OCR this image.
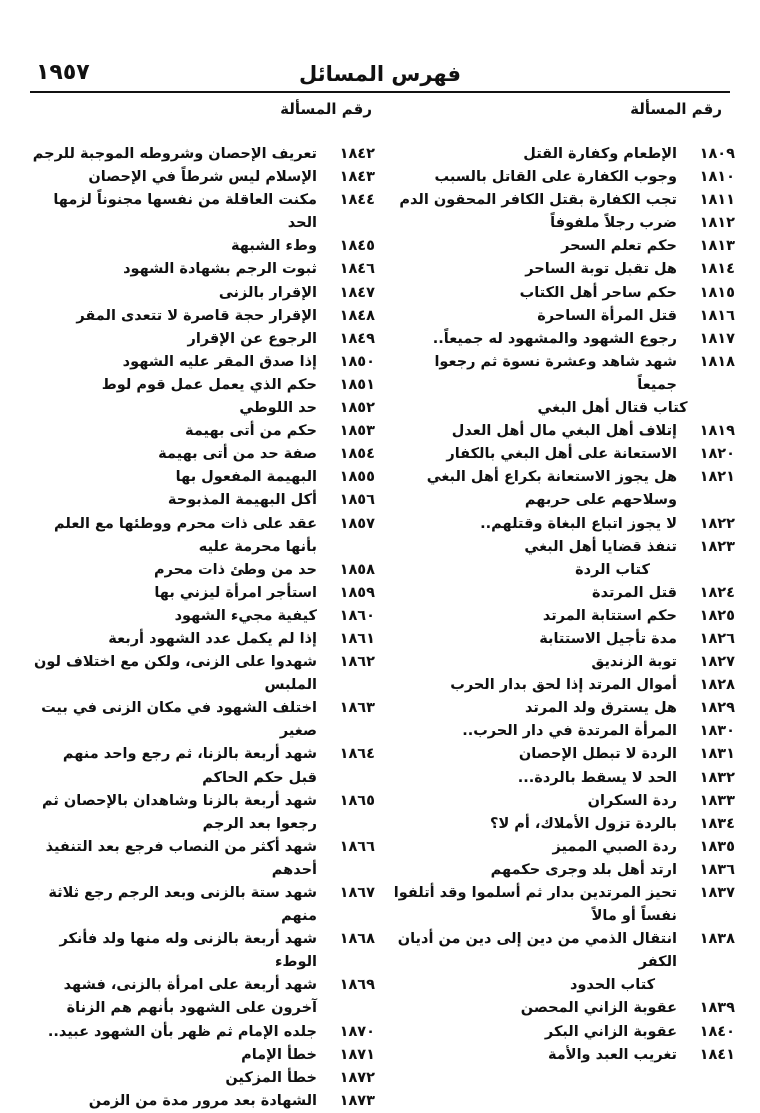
فهرس المسائل
١٩٥٧
رقم المسألة
رقم المسألة
١٨٠٩
الإطعام وكفارة القتل
١٨١٠
وجوب الكفارة على القاتل بالسبب
١٨١١
تجب الكفارة بقتل الكافر المحقون الدم
١٨١٢
ضرب رجلاً ملفوفاً
١٨١٣
حكم تعلم السحر
١٨١٤
هل تقبل توبة الساحر
١٨١٥
حكم ساحر أهل الكتاب
١٨١٦
قتل المرأة الساحرة
١٨١٧
رجوع الشهود والمشهود له جميعاً..
١٨١٨
شهد شاهد وعشرة نسوة ثم رجعوا جميعاً
كتاب قتال أهل البغي
١٨١٩
إتلاف أهل البغي مال أهل العدل
١٨٢٠
الاستعانة على أهل البغي بالكفار
١٨٢١
هل يجوز الاستعانة بكراع أهل البغي وسلاحهم على حربهم
١٨٢٢
لا يجوز اتباع البغاة وقتلهم..
١٨٢٣
تنفذ قضايا أهل البغي
كتاب الردة
١٨٢٤
قتل المرتدة
١٨٢٥
حكم استتابة المرتد
١٨٢٦
مدة تأجيل الاستتابة
١٨٢٧
توبة الزنديق
١٨٢٨
أموال المرتد إذا لحق بدار الحرب
١٨٢٩
هل يسترق ولد المرتد
١٨٣٠
المرأة المرتدة في دار الحرب..
١٨٣١
الردة لا تبطل الإحصان
١٨٣٢
الحد لا يسقط بالردة...
١٨٣٣
ردة السكران
١٨٣٤
بالردة تزول الأملاك، أم لا؟
١٨٣٥
ردة الصبي المميز
١٨٣٦
ارتد أهل بلد وجرى حكمهم
١٨٣٧
تحيز المرتدين بدار ثم أسلموا وقد أتلفوا نفساً أو مالاً
١٨٣٨
انتقال الذمي من دين إلى دين من أديان الكفر
كتاب الحدود
١٨٣٩
عقوبة الزاني المحصن
١٨٤٠
عقوبة الزاني البكر
١٨٤١
تغريب العبد والأمة
١٨٤٢
تعريف الإحصان وشروطه الموجبة للرجم
١٨٤٣
الإسلام ليس شرطاً في الإحصان
١٨٤٤
مكنت العاقلة من نفسها مجنوناً لزمها الحد
١٨٤٥
وطء الشبهة
١٨٤٦
ثبوت الرجم بشهادة الشهود
١٨٤٧
الإقرار بالزنى
١٨٤٨
الإقرار حجة قاصرة لا تتعدى المقر
١٨٤٩
الرجوع عن الإقرار
١٨٥٠
إذا صدق المقر عليه الشهود
١٨٥١
حكم الذي يعمل عمل قوم لوط
١٨٥٢
حد اللوطي
١٨٥٣
حكم من أتى بهيمة
١٨٥٤
صفة حد من أتى بهيمة
١٨٥٥
البهيمة المفعول بها
١٨٥٦
أكل البهيمة المذبوحة
١٨٥٧
عقد على ذات محرم ووطئها مع العلم بأنها محرمة عليه
١٨٥٨
حد من وطئ ذات محرم
١٨٥٩
استأجر امرأة ليزني بها
١٨٦٠
كيفية مجيء الشهود
١٨٦١
إذا لم يكمل عدد الشهود أربعة
١٨٦٢
شهدوا على الزنى، ولكن مع اختلاف لون الملبس
١٨٦٣
اختلف الشهود في مكان الزنى في بيت صغير
١٨٦٤
شهد أربعة بالزنا، ثم رجع واحد منهم قبل حكم الحاكم
١٨٦٥
شهد أربعة بالزنا وشاهدان بالإحصان ثم رجعوا بعد الرجم
١٨٦٦
شهد أكثر من النصاب فرجع بعد التنفيذ أحدهم
١٨٦٧
شهد ستة بالزنى وبعد الرجم رجع ثلاثة منهم
١٨٦٨
شهد أربعة بالزنى وله منها ولد فأنكر الوطء
١٨٦٩
شهد أربعة على امرأة بالزنى، فشهد آخرون على الشهود بأنهم هم الزناة
١٨٧٠
جلده الإمام ثم ظهر بأن الشهود عبيد..
١٨٧١
خطأ الإمام
١٨٧٢
خطأ المزكين
١٨٧٣
الشهادة بعد مرور مدة من الزمن
